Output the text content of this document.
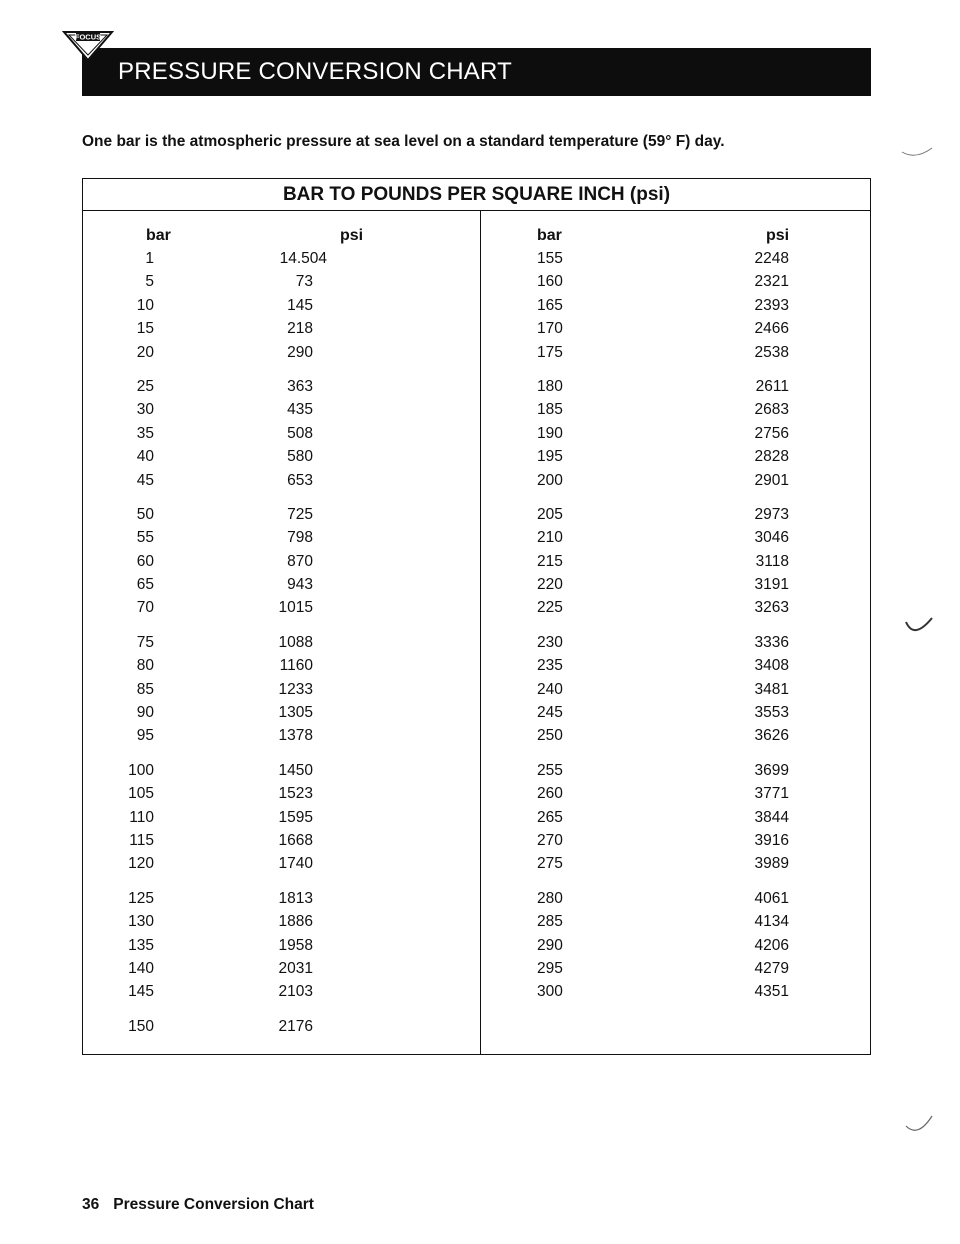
PRESSURE CONVERSION CHART
FOCUS
One bar is the atmospheric pressure at sea level on a standard temperature (59° F) day.
BAR TO POUNDS PER SQUARE INCH (psi)
bar	psi	bar	psi
1	14.504
5	73
10	145
15	218
20	290
25	363
30	435
35	508
40	580
45	653
50	725
55	798
60	870
65	943
70	1015
75	1088
80	1160
85	1233
90	1305
95	1378
100	1450
105	1523
110	1595
115	1668
120	1740
125	1813
130	1886
135	1958
140	2031
145	2103
150	2176
155	2248
160	2321
165	2393
170	2466
175	2538
180	2611
185	2683
190	2756
195	2828
200	2901
205	2973
210	3046
215	3118
220	3191
225	3263
230	3336
235	3408
240	3481
245	3553
250	3626
255	3699
260	3771
265	3844
270	3916
275	3989
280	4061
285	4134
290	4206
295	4279
300	4351
36 Pressure Conversion Chart
